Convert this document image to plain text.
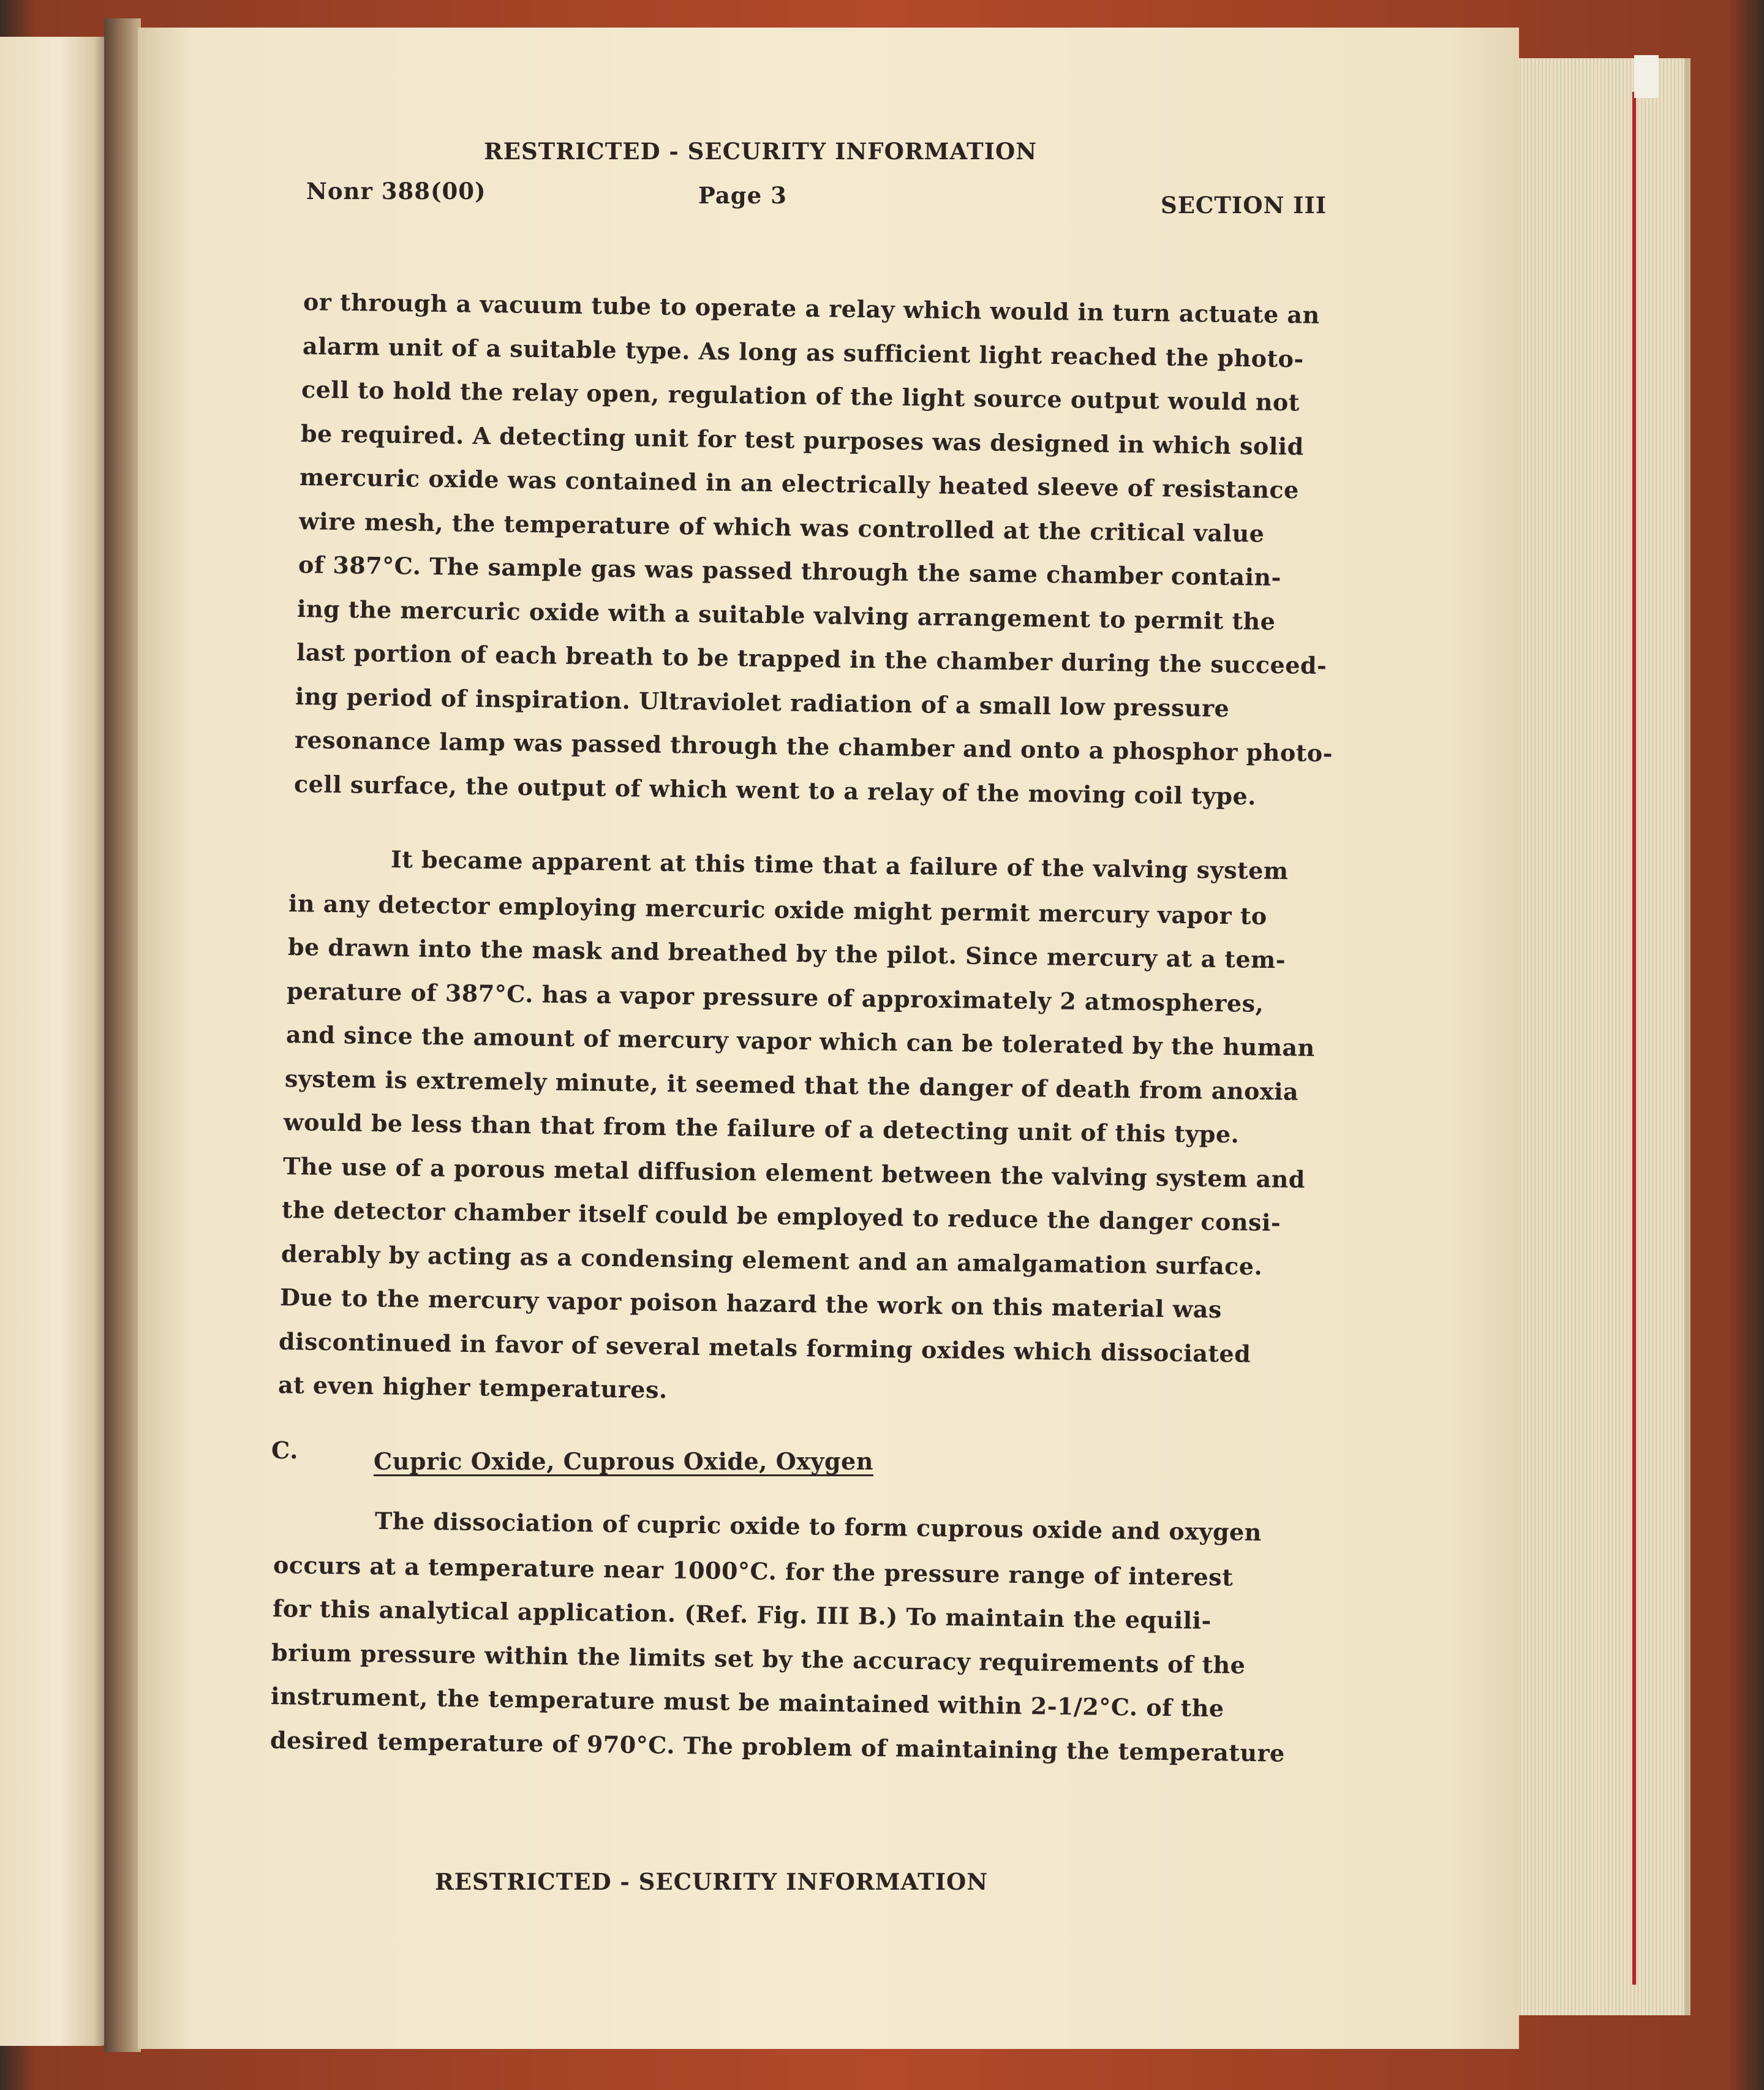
RESTRICTED - SECURITY INFORMATION
Nonr 388(00)	Page 3	SECTION III
or through a vacuum tube to operate a relay which would in turn actuate an
alarm unit of a suitable type. As long as sufficient light reached the photo-
cell to hold the relay open, regulation of the light source output would not
be required. A detecting unit for test purposes was designed in which solid
mercuric oxide was contained in an electrically heated sleeve of resistance
wire mesh, the temperature of which was controlled at the critical value
of 387°C. The sample gas was passed through the same chamber contain-
ing the mercuric oxide with a suitable valving arrangement to permit the
last portion of each breath to be trapped in the chamber during the succeed-
ing period of inspiration. Ultraviolet radiation of a small low pressure
resonance lamp was passed through the chamber and onto a phosphor photo-
cell surface, the output of which went to a relay of the moving coil type.
It became apparent at this time that a failure of the valving system
in any detector employing mercuric oxide might permit mercury vapor to
be drawn into the mask and breathed by the pilot. Since mercury at a tem-
perature of 387°C. has a vapor pressure of approximately 2 atmospheres,
and since the amount of mercury vapor which can be tolerated by the human
system is extremely minute, it seemed that the danger of death from anoxia
would be less than that from the failure of a detecting unit of this type.
The use of a porous metal diffusion element between the valving system and
the detector chamber itself could be employed to reduce the danger consi-
derably by acting as a condensing element and an amalgamation surface.
Due to the mercury vapor poison hazard the work on this material was
discontinued in favor of several metals forming oxides which dissociated
at even higher temperatures.
C.	Cupric Oxide, Cuprous Oxide, Oxygen
The dissociation of cupric oxide to form cuprous oxide and oxygen
occurs at a temperature near 1000°C. for the pressure range of interest
for this analytical application. (Ref. Fig. III B.) To maintain the equili-
brium pressure within the limits set by the accuracy requirements of the
instrument, the temperature must be maintained within 2-1/2°C. of the
desired temperature of 970°C. The problem of maintaining the temperature
RESTRICTED - SECURITY INFORMATION
